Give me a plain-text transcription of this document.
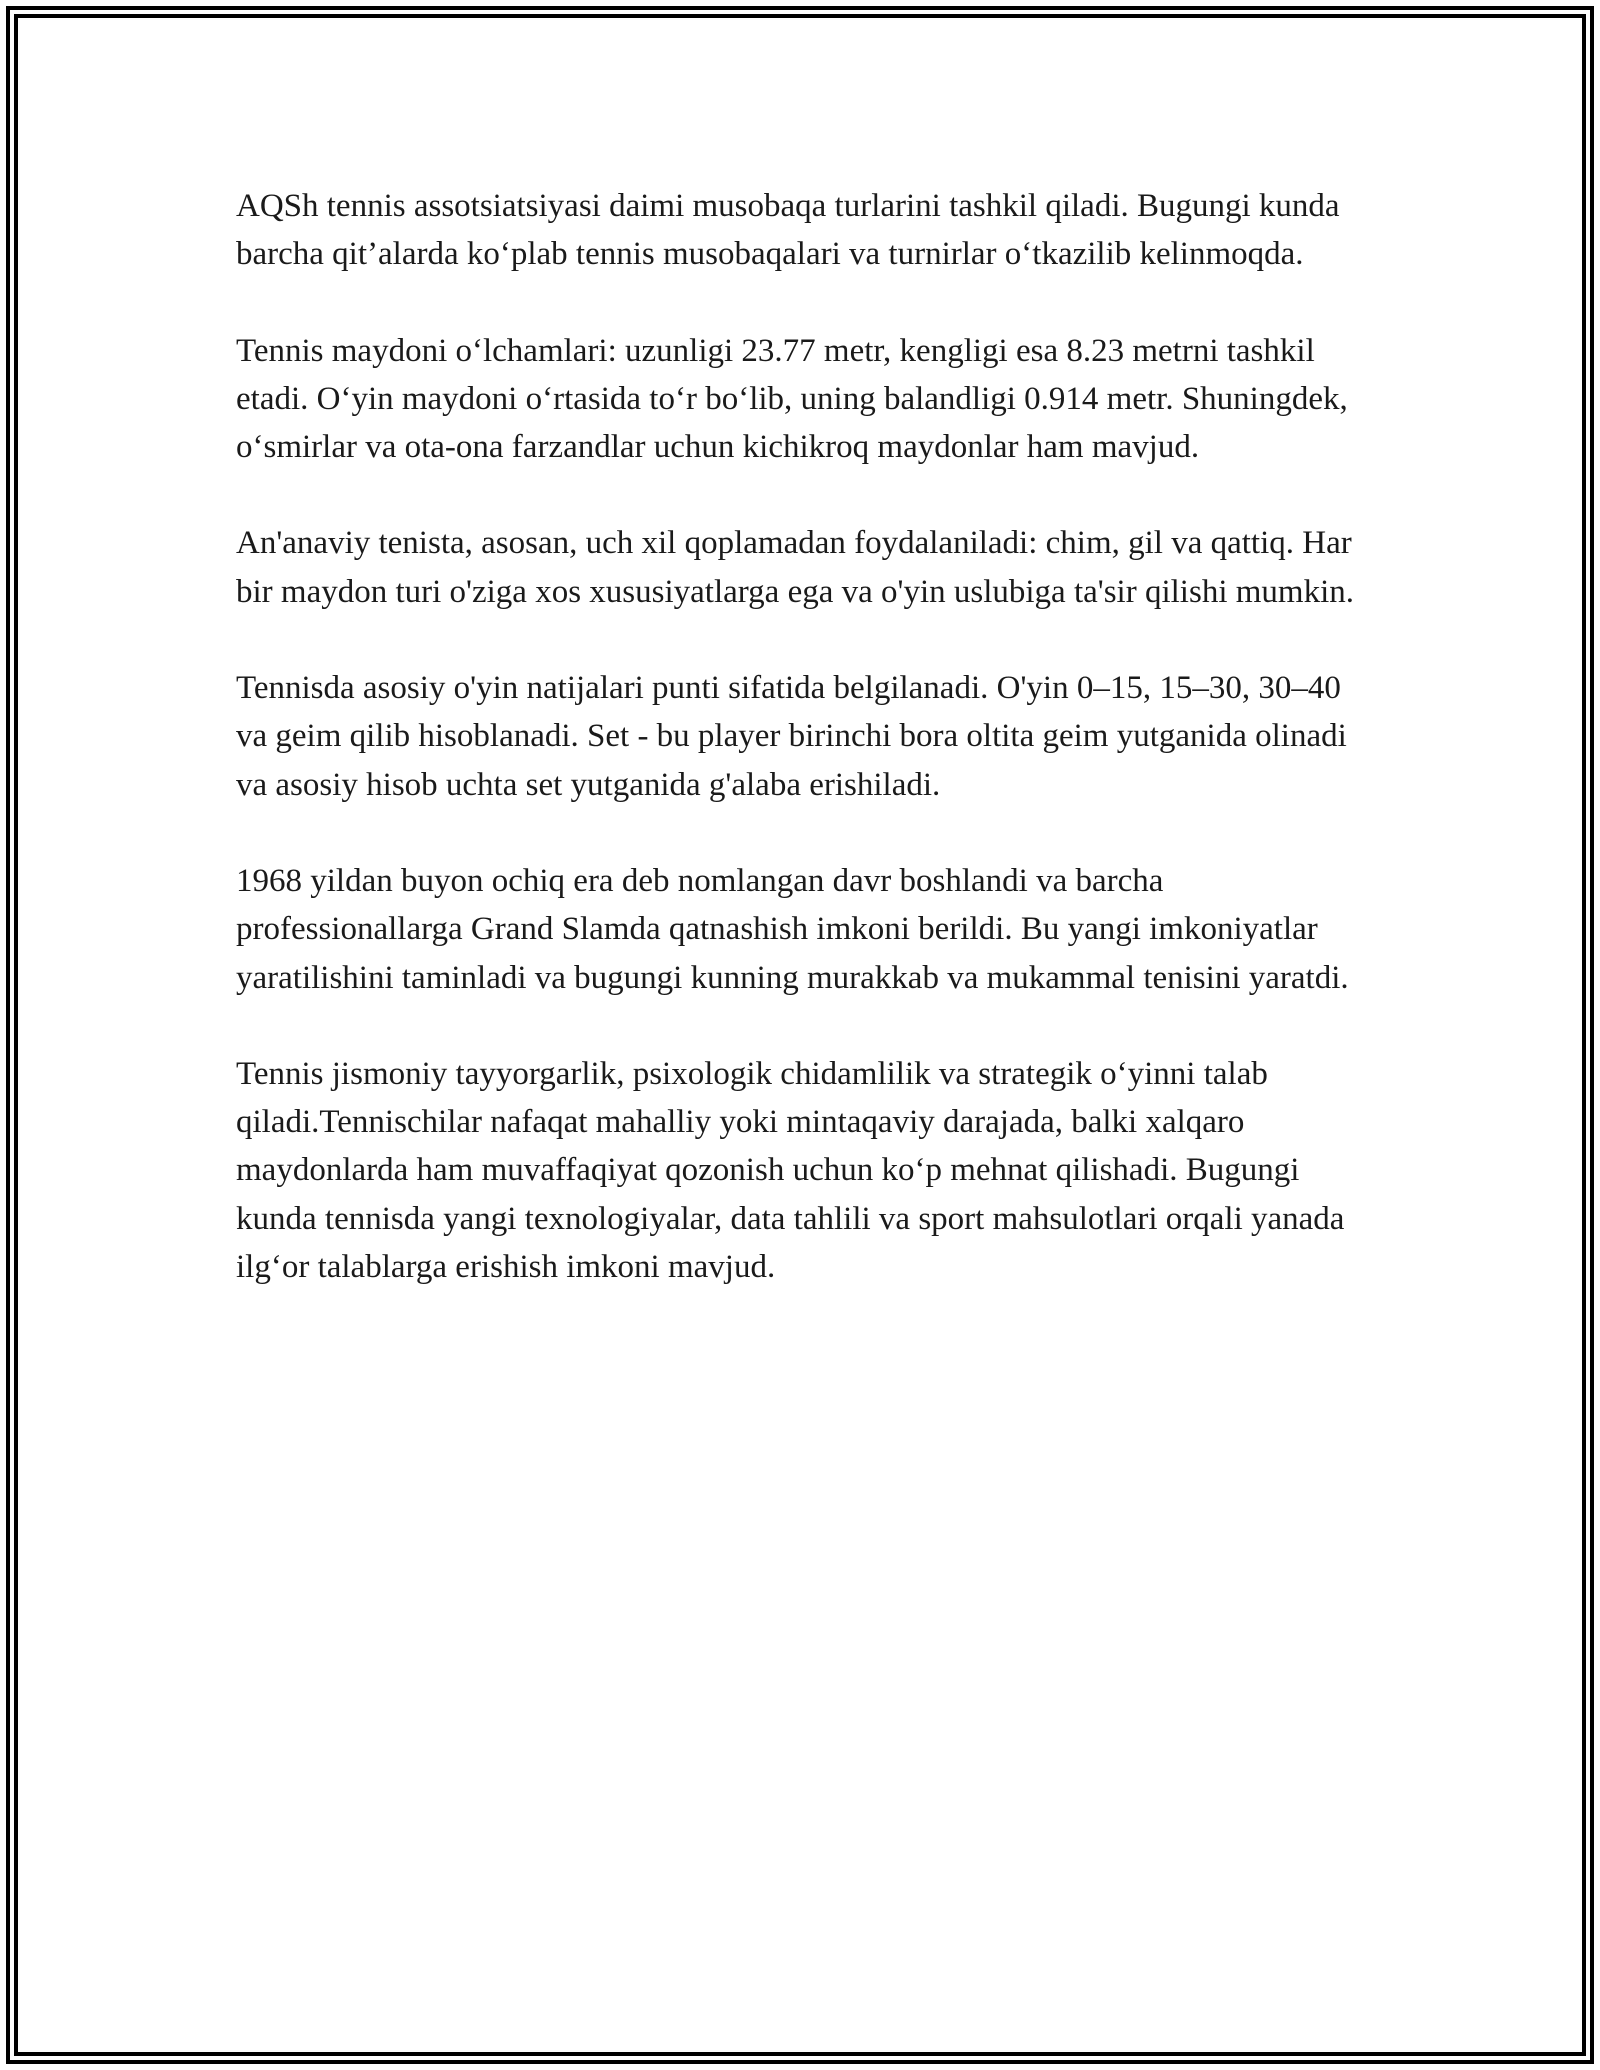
AQSh tennis assotsiatsiyasi daimi musobaqa turlarini tashkil qiladi. Bugungi kunda barcha qit’alarda ko‘plab tennis musobaqalari va turnirlar o‘tkazilib kelinmoqda.

Tennis maydoni o‘lchamlari: uzunligi 23.77 metr, kengligi esa 8.23 metrni tashkil etadi. O‘yin maydoni o‘rtasida to‘r bo‘lib, uning balandligi 0.914 metr. Shuningdek, o‘smirlar va ota-ona farzandlar uchun kichikroq maydonlar ham mavjud.

An'anaviy tenista, asosan, uch xil qoplamadan foydalaniladi: chim, gil va qattiq. Har bir maydon turi o'ziga xos xususiyatlarga ega va o'yin uslubiga ta'sir qilishi mumkin.

Tennisda asosiy o'yin natijalari punti sifatida belgilanadi. O'yin 0–15, 15–30, 30–40 va geim qilib hisoblanadi. Set - bu player birinchi bora oltita geim yutganida olinadi va asosiy hisob uchta set yutganida g'alaba erishiladi.

1968 yildan buyon ochiq era deb nomlangan davr boshlandi va barcha professionallarga Grand Slamda qatnashish imkoni berildi. Bu yangi imkoniyatlar yaratilishini taminladi va bugungi kunning murakkab va mukammal tenisini yaratdi.

Tennis jismoniy tayyorgarlik, psixologik chidamlilik va strategik o‘yinni talab qiladi.Tennischilar nafaqat mahalliy yoki mintaqaviy darajada, balki xalqaro maydonlarda ham muvaffaqiyat qozonish uchun ko‘p mehnat qilishadi. Bugungi kunda tennisda yangi texnologiyalar, data tahlili va sport mahsulotlari orqali yanada ilg‘or talablarga erishish imkoni mavjud.
